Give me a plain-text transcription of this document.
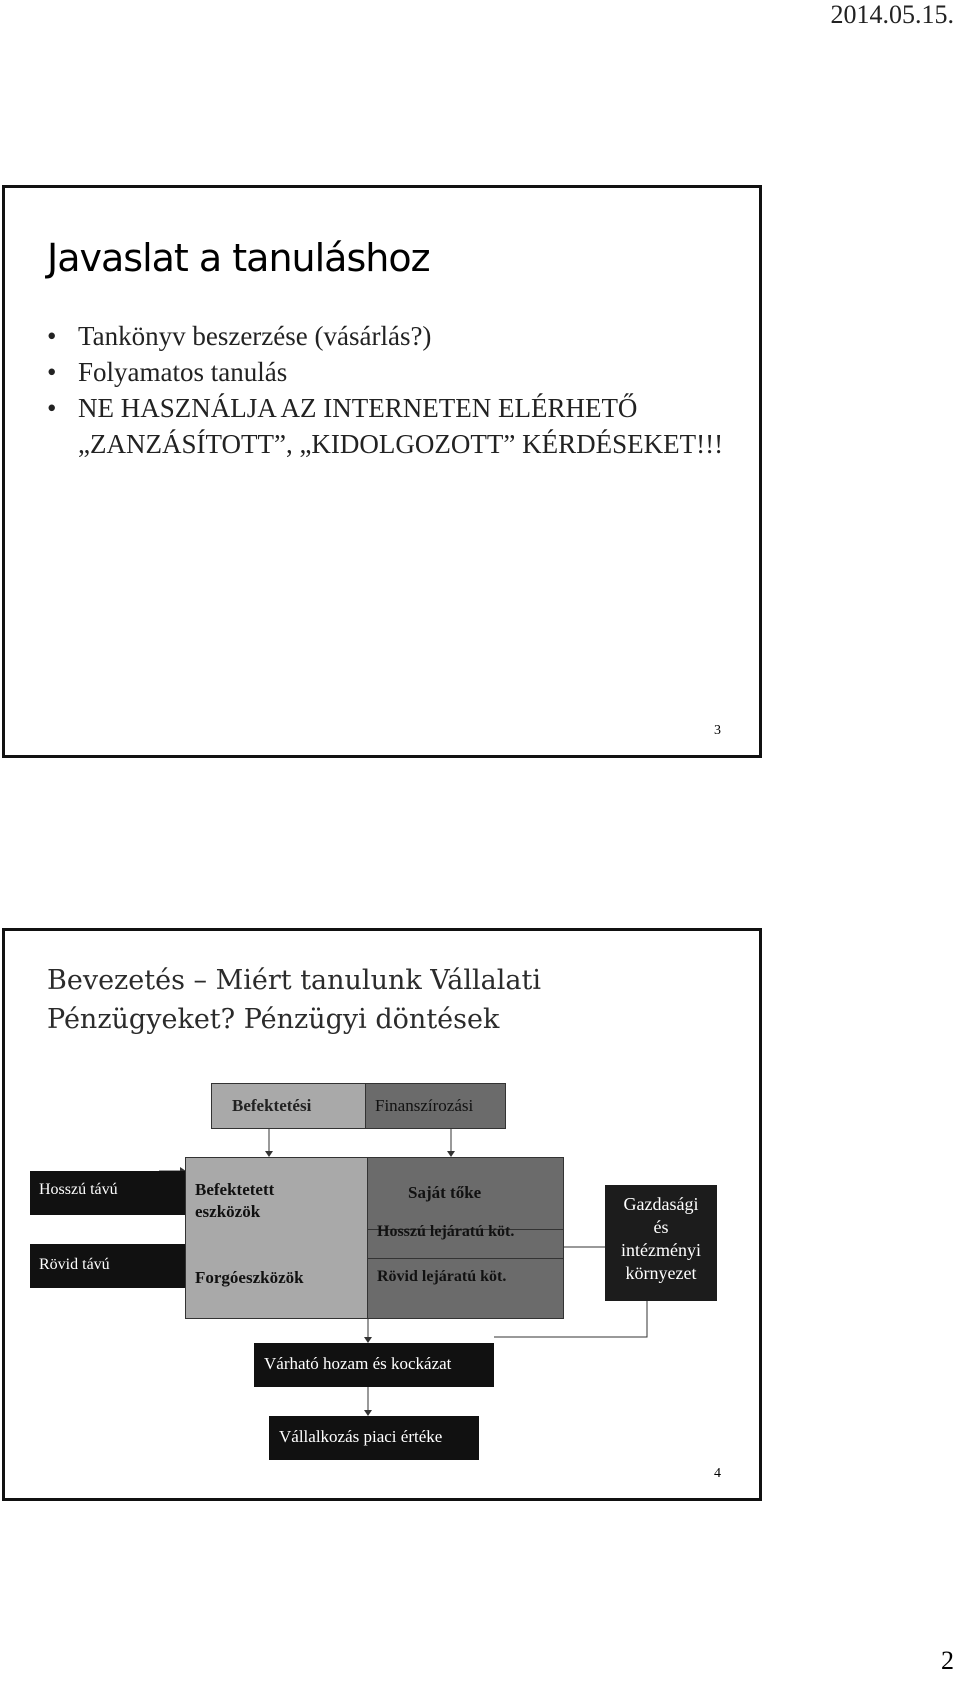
2014.05.15.
Javaslat a tanuláshoz
• Tankönyv beszerzése (vásárlás?)
• Folyamatos tanulás
• NE HASZNÁLJA AZ INTERNETEN ELÉRHETŐ
„ZANZÁSÍTOTT”, „KIDOLGOZOTT” KÉRDÉSEKET!!!
3
Bevezetés – Miért tanulunk Vállalati
Pénzügyeket? Pénzügyi döntések
Befektetési	Finanszírozási
Hosszú távú
Rövid távú
Befektetett
eszközök
Forgóeszközök
Saját tőke
Hosszú lejáratú köt.
Rövid lejáratú köt.
Gazdasági
és
intézményi
környezet
Várható hozam és kockázat
Vállalkozás piaci értéke
4
2
